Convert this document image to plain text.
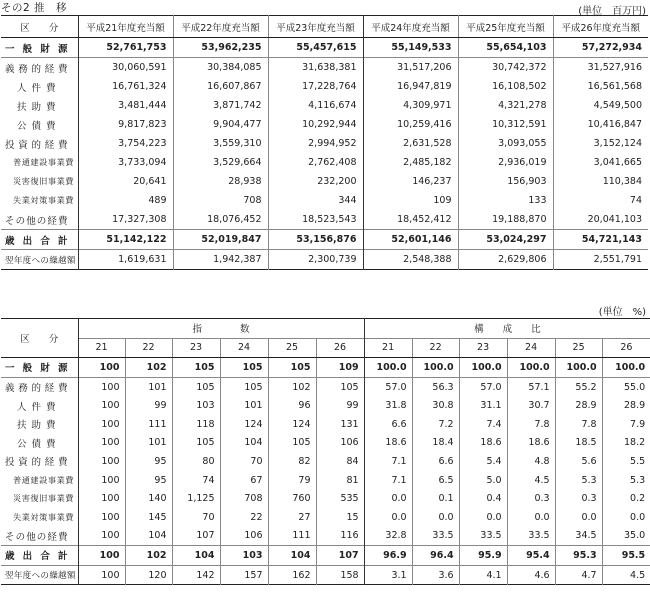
その2 推　移	(単位　百万円)
区　　分	平成21年度充当額	平成22年度充当額	平成23年度充当額	平成24年度充当額	平成25年度充当額	平成26年度充当額
一般財源	52,761,753	53,962,235	55,457,615	55,149,533	55,654,103	57,272,934
義務的経費	30,060,591	30,384,085	31,638,381	31,517,206	30,742,372	31,527,916
人件費	16,761,324	16,607,867	17,228,764	16,947,819	16,108,502	16,561,568
扶助費	3,481,444	3,871,742	4,116,674	4,309,971	4,321,278	4,549,500
公債費	9,817,823	9,904,477	10,292,944	10,259,416	10,312,591	10,416,847
投資的経費	3,754,223	3,559,310	2,994,952	2,631,528	3,093,055	3,152,124
普通建設事業費	3,733,094	3,529,664	2,762,408	2,485,182	2,936,019	3,041,665
災害復旧事業費	20,641	28,938	232,200	146,237	156,903	110,384
失業対策事業費	489	708	344	109	133	74
その他の経費	17,327,308	18,076,452	18,523,543	18,452,412	19,188,870	20,041,103
歳出合計	51,142,122	52,019,847	53,156,876	52,601,146	53,024,297	54,721,143
翌年度への繰越額	1,619,631	1,942,387	2,300,739	2,548,388	2,629,806	2,551,791
(単位　%)
区　　分	指　　　　数						構　　成　　比					
	21	22	23	24	25	26	21	22	23	24	25	26
一般財源	100	102	105	105	105	109	100.0	100.0	100.0	100.0	100.0	100.0
義務的経費	100	101	105	105	102	105	57.0	56.3	57.0	57.1	55.2	55.0
人件費	100	99	103	101	96	99	31.8	30.8	31.1	30.7	28.9	28.9
扶助費	100	111	118	124	124	131	6.6	7.2	7.4	7.8	7.8	7.9
公債費	100	101	105	104	105	106	18.6	18.4	18.6	18.6	18.5	18.2
投資的経費	100	95	80	70	82	84	7.1	6.6	5.4	4.8	5.6	5.5
普通建設事業費	100	95	74	67	79	81	7.1	6.5	5.0	4.5	5.3	5.3
災害復旧事業費	100	140	1,125	708	760	535	0.0	0.1	0.4	0.3	0.3	0.2
失業対策事業費	100	145	70	22	27	15	0.0	0.0	0.0	0.0	0.0	0.0
その他の経費	100	104	107	106	111	116	32.8	33.5	33.5	33.5	34.5	35.0
歳出合計	100	102	104	103	104	107	96.9	96.4	95.9	95.4	95.3	95.5
翌年度への繰越額	100	120	142	157	162	158	3.1	3.6	4.1	4.6	4.7	4.5
